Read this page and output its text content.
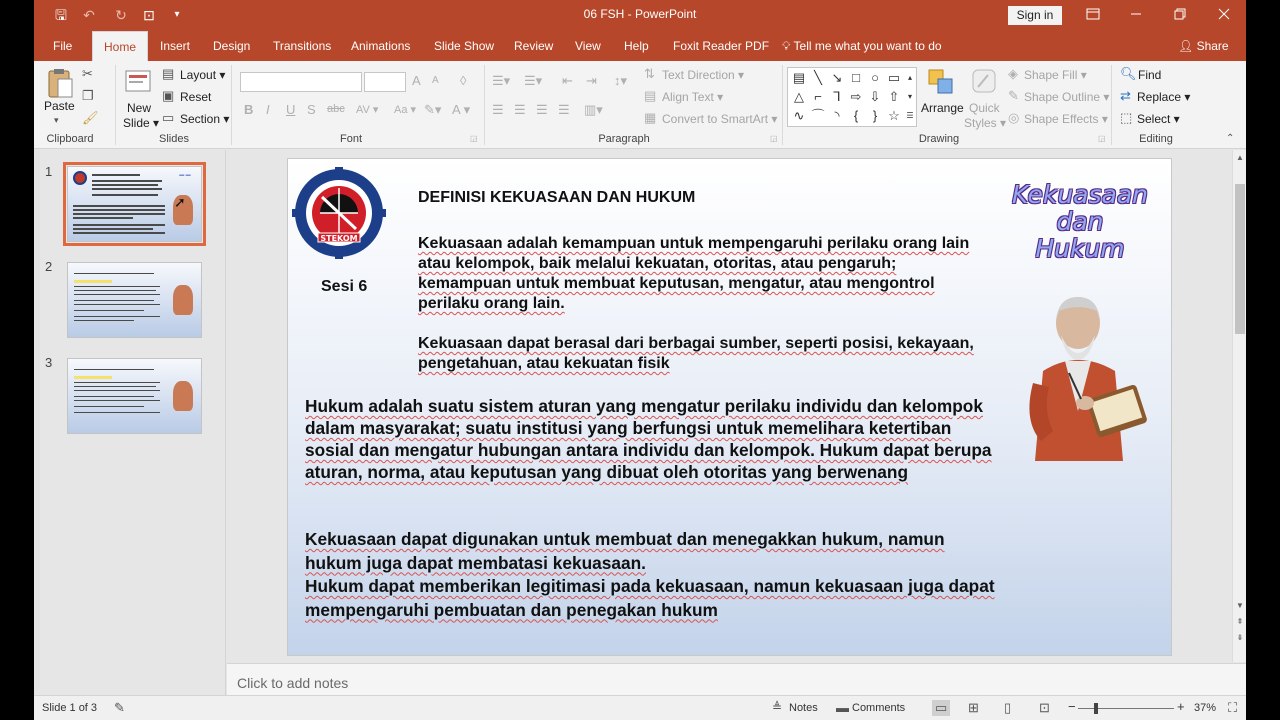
🖫 ↶ ↻ ⊡	▾	06 FSH - PowerPoint	Sign in
File	Home	Insert Design Transitions Animations Slide Show Review View Help Foxit Reader PDF 💡︎ Tell me what you want to do	👤︎ Share
Paste
▾
✂
❐
🖌︎
Clipboard
New
Slide ▾
▤ Layout ▾
▣ Reset
▭ Section ▾
Slides
A A ◊
B I U S abc AV ▾ Aa ▾ ✎▾ A ▾
Font	◲
☰▾ ☰▾ ⇤ ⇥ ↕▾
☰ ☰ ☰ ☰ ▥▾
⇅ Text Direction ▾
▤ Align Text ▾
▦ Convert to SmartArt ▾
Paragraph	◲
▤ ╲ ↘ □ ○ ▭
△ ⌐ ⅂ ⇨ ⇩ ⇧
∿ ⌒ ◝	{	} ☆
▴
▾
☰
Arrange Quick
Styles ▾
◈ Shape Fill ▾
✎ Shape Outline ▾
◎ Shape Effects ▾
Drawing	◲
🔍︎ Find
⇄ Replace ▾
⬚ Select ▾
Editing	⌃
1	▬ ▬
2
3
➚
STEKOM
Sesi 6
DEFINISI KEKUASAAN DAN HUKUM
Kekuasaan adalah kemampuan untuk mempengaruhi perilaku orang lain atau kelompok, baik melalui kekuatan, otoritas, atau pengaruh; kemampuan untuk membuat keputusan, mengatur, atau mengontrol perilaku orang lain.
Kekuasaan dapat berasal dari berbagai sumber, seperti posisi, kekayaan, pengetahuan, atau kekuatan fisik
Hukum adalah suatu sistem aturan yang mengatur perilaku individu dan kelompok dalam masyarakat; suatu institusi yang berfungsi untuk memelihara ketertiban sosial dan mengatur hubungan antara individu dan kelompok. Hukum dapat berupa aturan, norma, atau keputusan yang dibuat oleh otoritas yang berwenang
Kekuasaan dapat digunakan untuk membuat dan menegakkan hukum, namun hukum juga dapat membatasi kekuasaan.
Hukum dapat memberikan legitimasi pada kekuasaan, namun kekuasaan juga dapat mempengaruhi pembuatan dan penegakan hukum
Kekuasaan
dan
Hukum
▲
▼
⇞
⇟
Click to add notes
Slide 1 of 3 ✎	≜ Notes ▬ Comments ▭ ⊞ ▯ ⊡ −	+ 37% ⛶
